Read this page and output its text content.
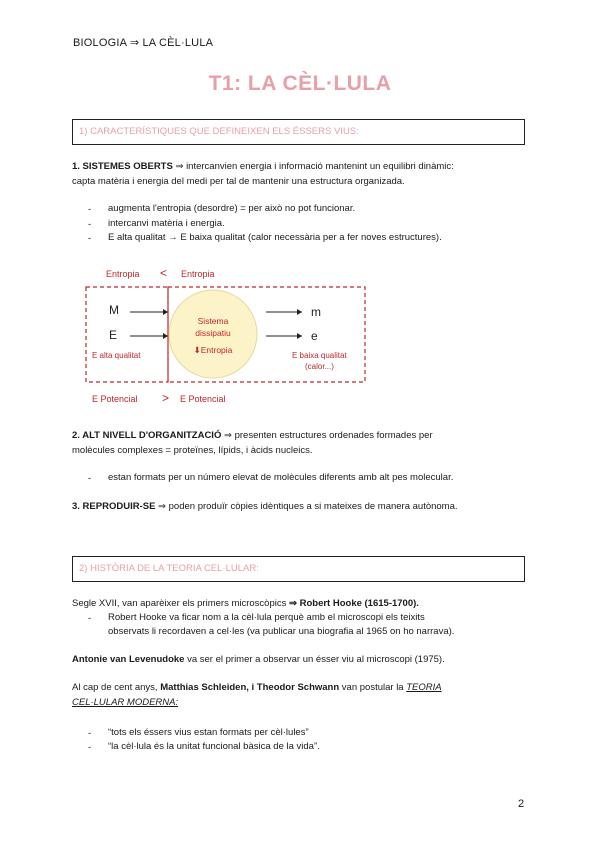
BIOLOGIA ⇒ LA CÈL·LULA
T1: LA CÈL·LULA
1) CARACTERÍSTIQUES QUE DEFINEIXEN ELS ÉSSERS VIUS:
1. SISTEMES OBERTS ⇒ intercanvien energia i informació mantenint un equilibri dinàmic:
capta matèria i energia del medi per tal de mantenir una estructura organizada.
- augmenta l'entropia (desordre) = per això no pot funcionar.
- intercanvi matèria i energia.
- E alta qualitat → E baixa qualitat (calor necessària per a fer noves estructures).
Entropia < Entropia
Sistema
dissipatiu
⬇Entropia
M
E
E alta qualitat
m
e
E baixa qualitat
(calor...)
E Potencial > E Potencial
2. ALT NIVELL D'ORGANITZACIÓ ⇒ presenten estructures ordenades formades per
molècules complexes = proteïnes, lípids, i àcids nucleics.
- estan formats per un número elevat de molècules diferents amb alt pes molecular.
3. REPRODUIR-SE ⇒ poden produïr còpies idèntiques a si mateixes de manera autònoma.
2) HISTÒRIA DE LA TEORIA CEL·LULAR:
Segle XVII, van aparèixer els primers microscòpics ⇒ Robert Hooke (1615-1700).
- Robert Hooke va ficar nom a la cèl·lula perquè amb el microscopi els teixits
observats li recordaven a cel·les (va publicar una biografia al 1965 on ho narrava).
Antonie van Levenudoke va ser el primer a observar un ésser viu al microscopi (1975).
Al cap de cent anys, Matthias Schleiden, i Theodor Schwann van postular la TEORIA
CEL·LULAR MODERNA:
- “tots els éssers vius estan formats per cèl·lules”
- “la cèl·lula és la unitat funcional bàsica de la vida”.
2
